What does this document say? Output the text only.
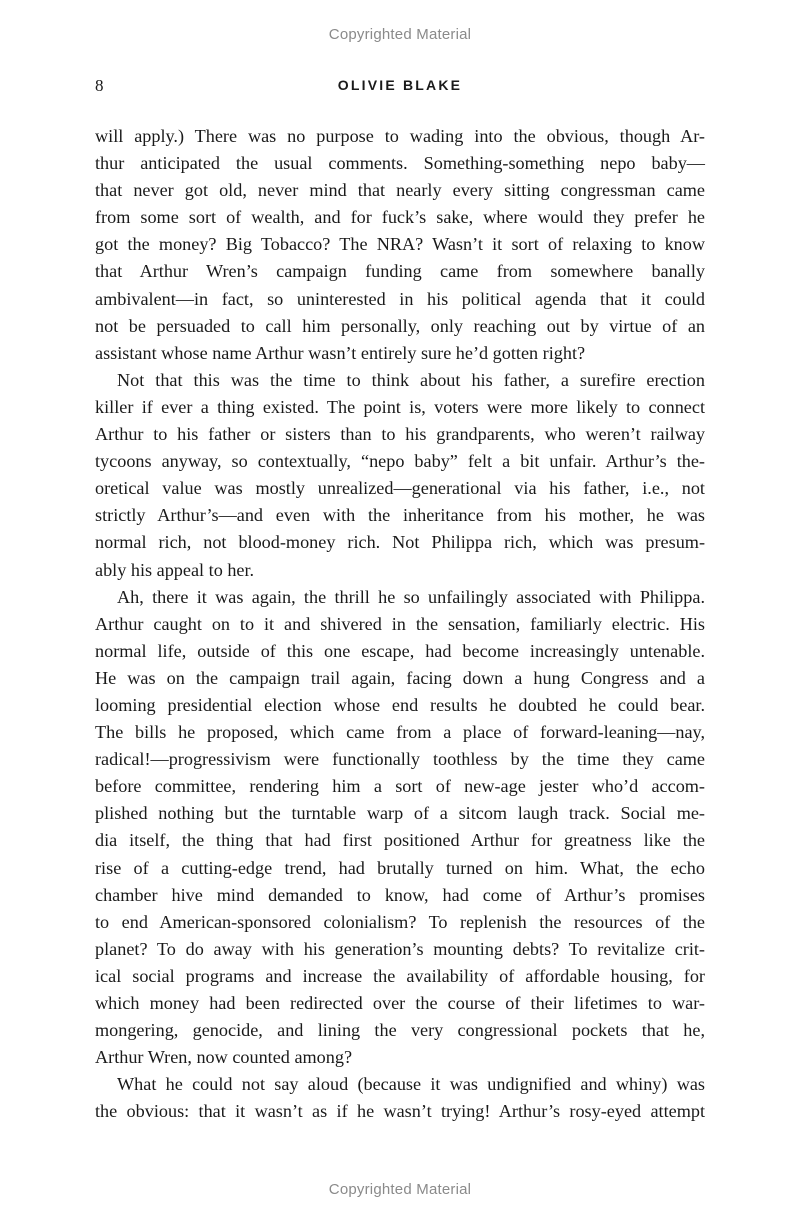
Copyrighted Material
8	OLIVIE BLAKE
will apply.) There was no purpose to wading into the obvious, though Ar-
thur anticipated the usual comments. Something-something nepo baby—
that never got old, never mind that nearly every sitting congressman came
from some sort of wealth, and for fuck’s sake, where would they prefer he
got the money? Big Tobacco? The NRA? Wasn’t it sort of relaxing to know
that Arthur Wren’s campaign funding came from somewhere banally
ambivalent—in fact, so uninterested in his political agenda that it could
not be persuaded to call him personally, only reaching out by virtue of an
assistant whose name Arthur wasn’t entirely sure he’d gotten right?
Not that this was the time to think about his father, a surefire erection
killer if ever a thing existed. The point is, voters were more likely to connect
Arthur to his father or sisters than to his grandparents, who weren’t railway
tycoons anyway, so contextually, “nepo baby” felt a bit unfair. Arthur’s the-
oretical value was mostly unrealized—generational via his father, i.e., not
strictly Arthur’s—and even with the inheritance from his mother, he was
normal rich, not blood-money rich. Not Philippa rich, which was presum-
ably his appeal to her.
Ah, there it was again, the thrill he so unfailingly associated with Philippa.
Arthur caught on to it and shivered in the sensation, familiarly electric. His
normal life, outside of this one escape, had become increasingly untenable.
He was on the campaign trail again, facing down a hung Congress and a
looming presidential election whose end results he doubted he could bear.
The bills he proposed, which came from a place of forward-leaning—nay,
radical!—progressivism were functionally toothless by the time they came
before committee, rendering him a sort of new-age jester who’d accom-
plished nothing but the turntable warp of a sitcom laugh track. Social me-
dia itself, the thing that had first positioned Arthur for greatness like the
rise of a cutting-edge trend, had brutally turned on him. What, the echo
chamber hive mind demanded to know, had come of Arthur’s promises
to end American-sponsored colonialism? To replenish the resources of the
planet? To do away with his generation’s mounting debts? To revitalize crit-
ical social programs and increase the availability of affordable housing, for
which money had been redirected over the course of their lifetimes to war-
mongering, genocide, and lining the very congressional pockets that he,
Arthur Wren, now counted among?
What he could not say aloud (because it was undignified and whiny) was
the obvious: that it wasn’t as if he wasn’t trying! Arthur’s rosy-eyed attempt
Copyrighted Material
